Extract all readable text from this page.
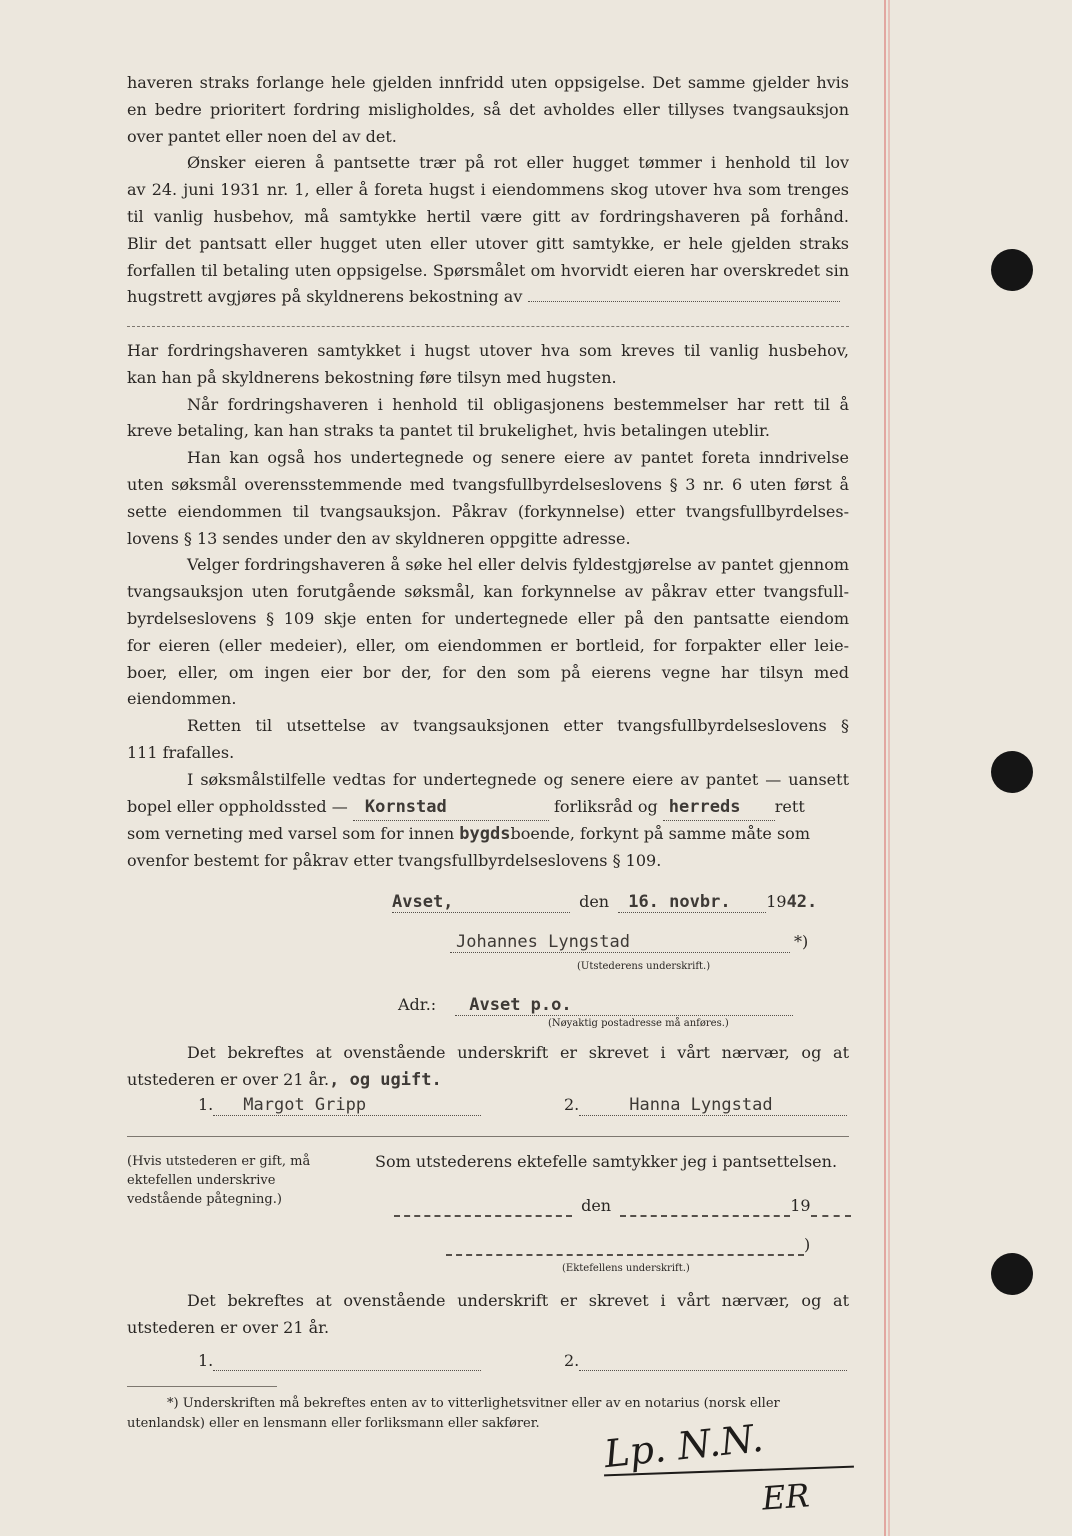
haveren straks forlange hele gjelden innfridd uten oppsigelse. Det samme gjelder hvis

en bedre prioritert fordring misligholdes, så det avholdes eller tillyses tvangsauksjon

over pantet eller noen del av det.

Ønsker eieren å pantsette trær på rot eller hugget tømmer i henhold til lov

av 24. juni 1931 nr. 1, eller å foreta hugst i eiendommens skog utover hva som trenges

til vanlig husbehov, må samtykke hertil være gitt av fordringshaveren på forhånd.

Blir det pantsatt eller hugget uten eller utover gitt samtykke, er hele gjelden straks

forfallen til betaling uten oppsigelse. Spørsmålet om hvorvidt eieren har overskredet sin

hugstrett avgjøres på skyldnerens bekostning av

Har fordringshaveren samtykket i hugst utover hva som kreves til vanlig husbehov,

kan han på skyldnerens bekostning føre tilsyn med hugsten.

Når fordringshaveren i henhold til obligasjonens bestemmelser har rett til å

kreve betaling, kan han straks ta pantet til brukelighet, hvis betalingen uteblir.

Han kan også hos undertegnede og senere eiere av pantet foreta inndrivelse

uten søksmål overensstemmende med tvangsfullbyrdelseslovens § 3 nr. 6 uten først å

sette eiendommen til tvangsauksjon. Påkrav (forkynnelse) etter tvangsfullbyrdelses-

lovens § 13 sendes under den av skyldneren oppgitte adresse.

Velger fordringshaveren å søke hel eller delvis fyldestgjørelse av pantet gjennom

tvangsauksjon uten forutgående søksmål, kan forkynnelse av påkrav etter tvangsfull-

byrdelseslovens § 109 skje enten for undertegnede eller på den pantsatte eiendom

for eieren (eller medeier), eller, om eiendommen er bortleid, for forpakter eller leie-

boer, eller, om ingen eier bor der, for den som på eierens vegne har tilsyn med

eiendommen.

Retten til utsettelse av tvangsauksjonen etter tvangsfullbyrdelseslovens §

111 frafalles.

I søksmålstilfelle vedtas for undertegnede og senere eiere av pantet — uansett

bopel eller oppholdssted — Kornstad	forliksråd og herreds rett

som verneting med varsel som for innen bygdsboende, forkynt på samme måte som

ovenfor bestemt for påkrav etter tvangsfullbyrdelseslovens § 109.

Avset,	den 16. novbr. 1942.
Johannes Lyngstad	*)
(Utstederens underskrift.)
Adr.: Avset p.o.
(Nøyaktig postadresse må anføres.)

Det bekreftes at ovenstående underskrift er skrevet i vårt nærvær, og at

utstederen er over 21 år., og ugift.

1. Margot Gripp	2.	Hanna Lyngstad
(Hvis utstederen er gift, må ektefellen underskrive vedstående påtegning.)
Som utstederens ektefelle samtykker jeg i pantsettelsen.
den	19
)
(Ektefellens underskrift.)

Det bekreftes at ovenstående underskrift er skrevet i vårt nærvær, og at

utstederen er over 21 år.

1.	2.

*) Underskriften må bekreftes enten av to vitterlighetsvitner eller av en notarius (norsk eller

utenlandsk) eller en lensmann eller forliksmann eller sakfører.	Lp. N.N.
ER
